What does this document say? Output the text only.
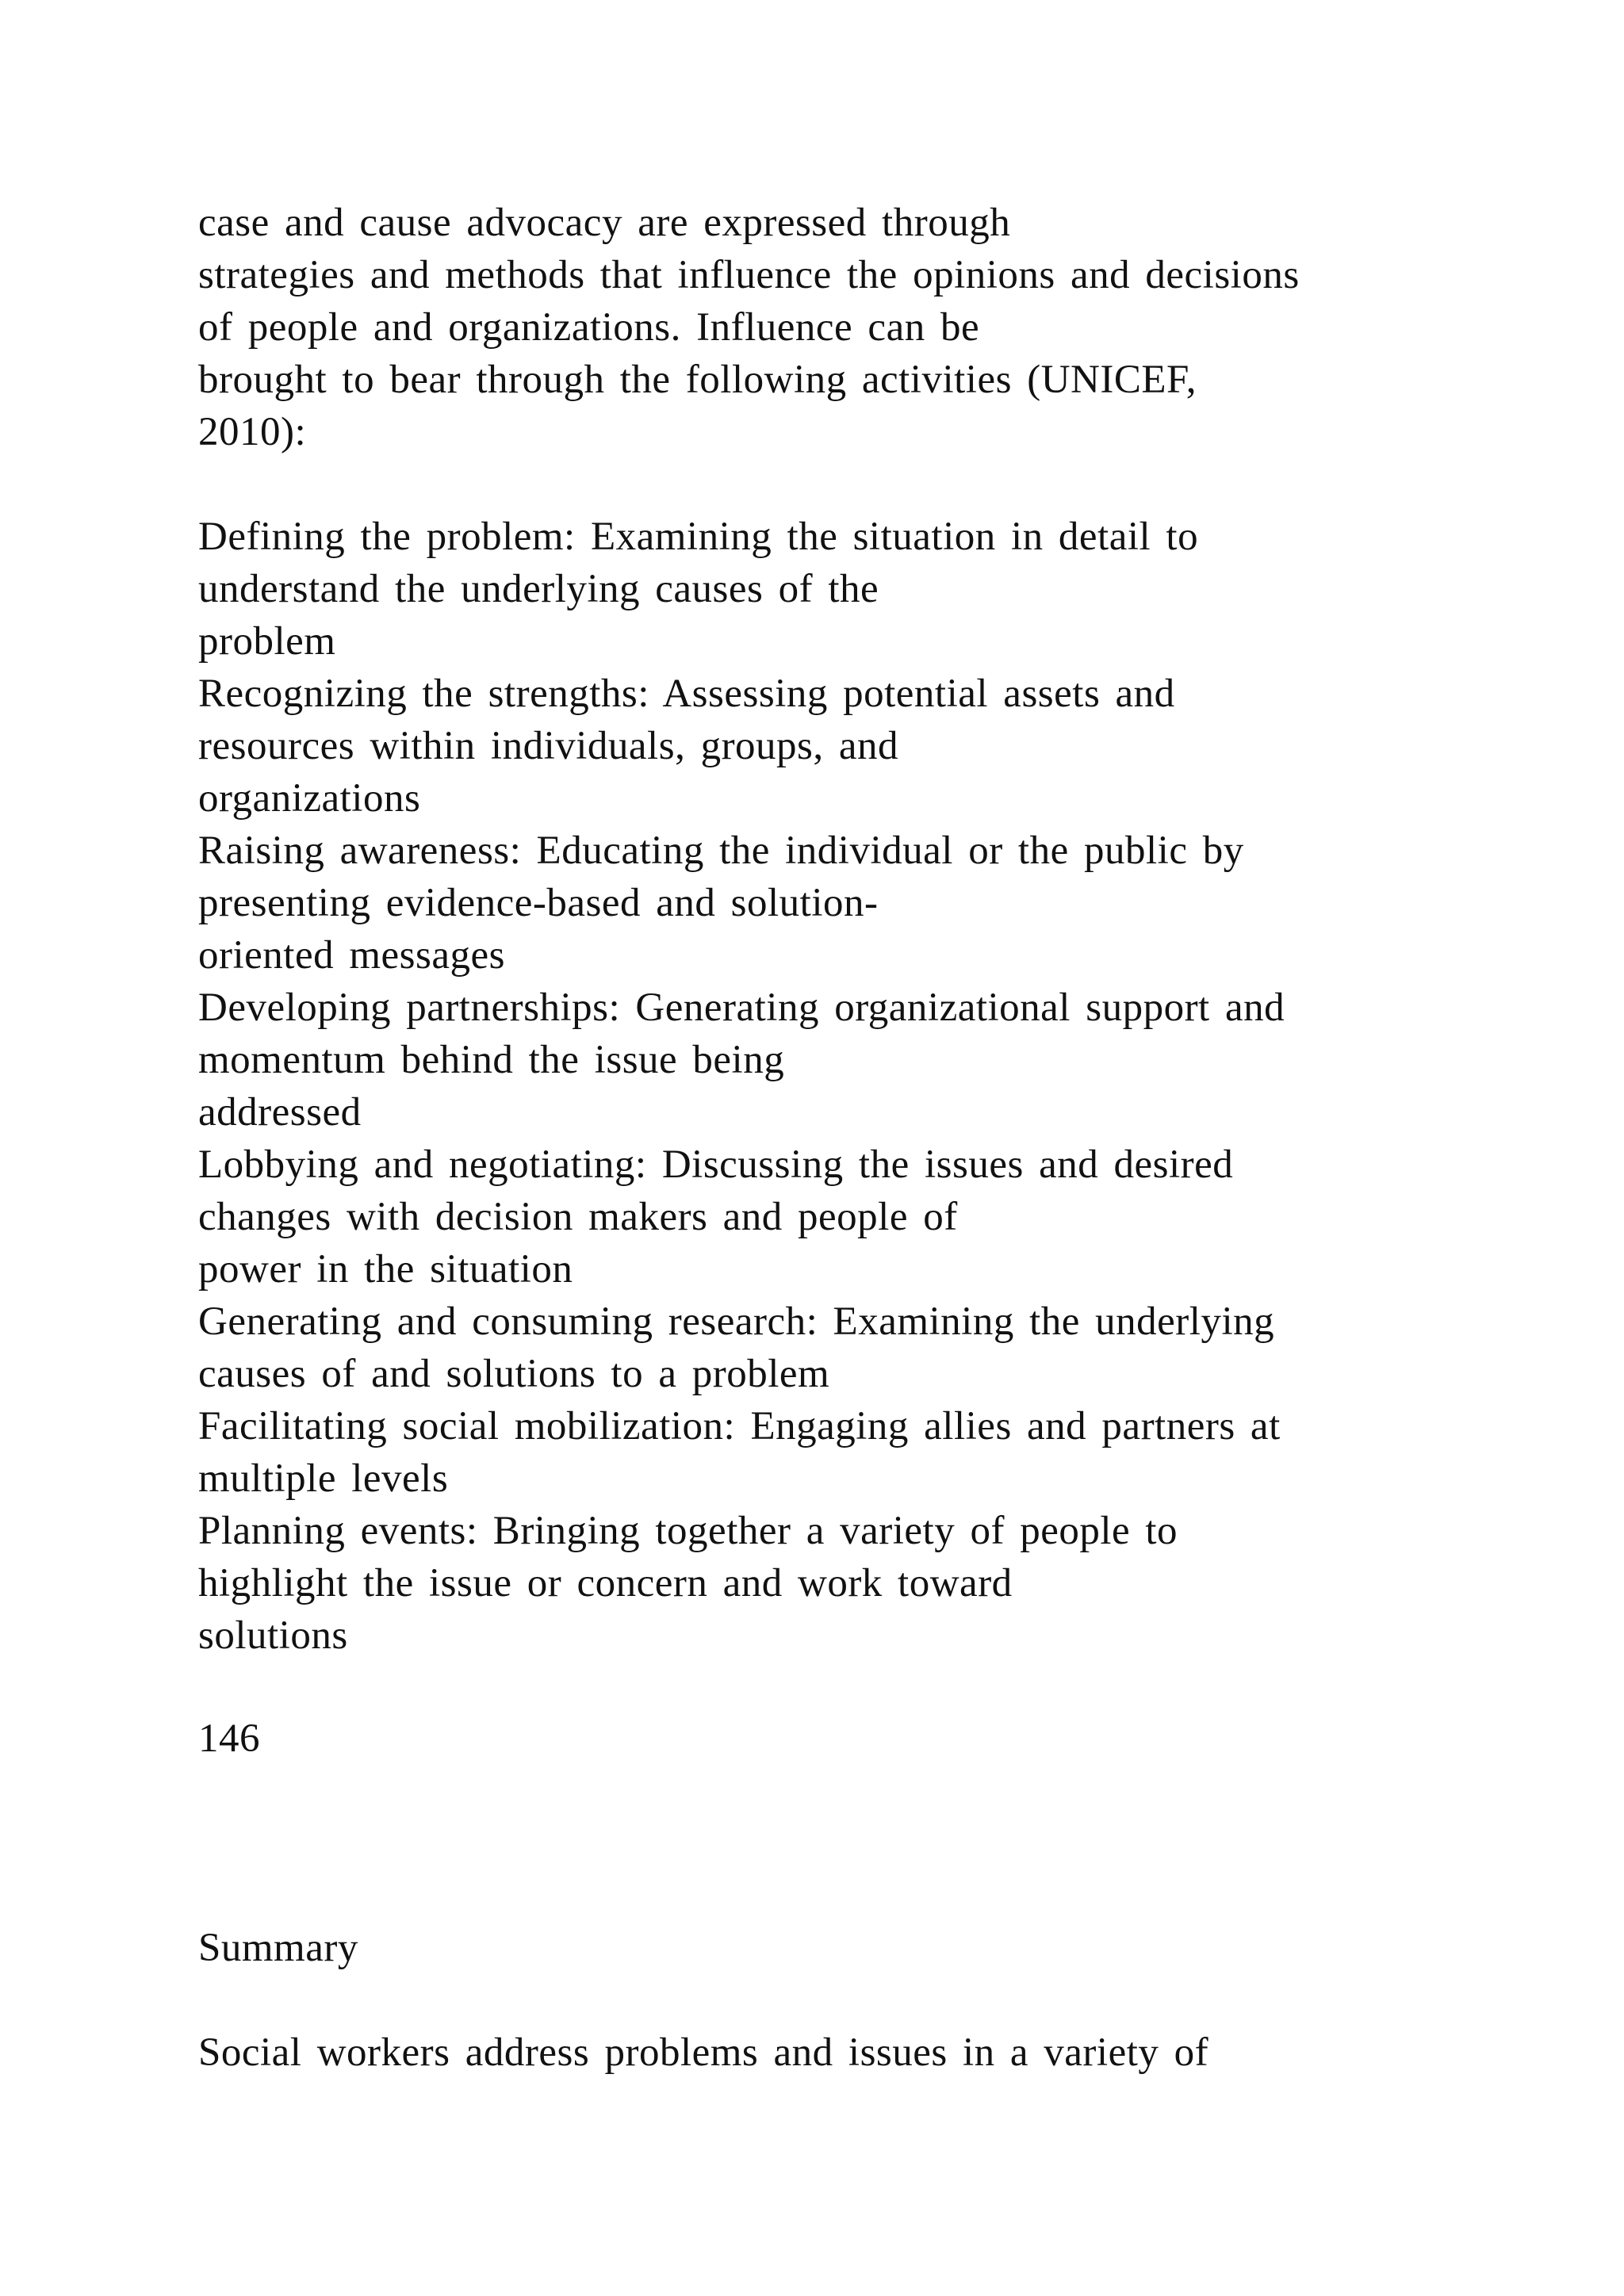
case and cause advocacy are expressed through

strategies and methods that influence the opinions and decisions

of people and organizations. Influence can be

brought to bear through the following activities (UNICEF,

2010):

Defining the problem: Examining the situation in detail to

understand the underlying causes of the

problem

Recognizing the strengths: Assessing potential assets and

resources within individuals, groups, and

organizations

Raising awareness: Educating the individual or the public by

presenting evidence-based and solution-

oriented messages

Developing partnerships: Generating organizational support and

momentum behind the issue being

addressed

Lobbying and negotiating: Discussing the issues and desired

changes with decision makers and people of

power in the situation

Generating and consuming research: Examining the underlying

causes of and solutions to a problem

Facilitating social mobilization: Engaging allies and partners at

multiple levels

Planning events: Bringing together a variety of people to

highlight the issue or concern and work toward

solutions

146

Summary

Social workers address problems and issues in a variety of
